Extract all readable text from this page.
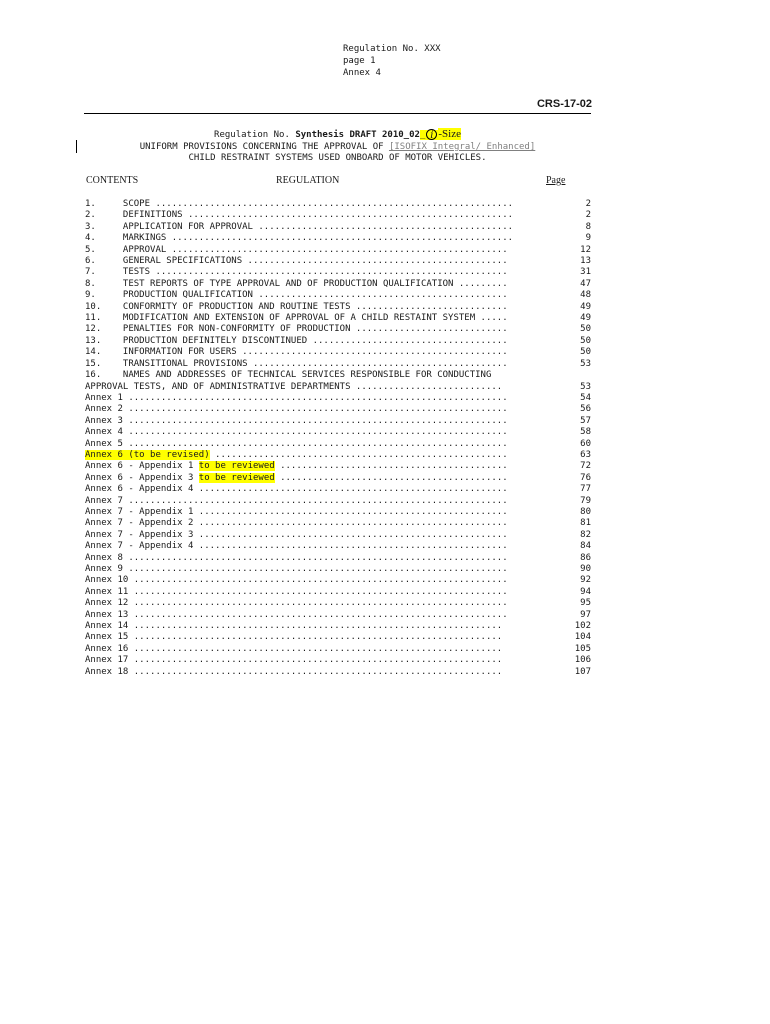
Regulation No. XXX
page 1
Annex 4
CRS-17-02
Regulation No. Synthesis DRAFT 2010_02_ i -Size
UNIFORM PROVISIONS CONCERNING THE APPROVAL OF [ISOFIX Integral/ Enhanced]
CHILD RESTRAINT SYSTEMS USED ONBOARD OF MOTOR VEHICLES.
CONTENTS	REGULATION	Page
1.     SCOPE ..................................................................	2
2.     DEFINITIONS ............................................................	2
3.     APPLICATION FOR APPROVAL ...............................................	8
4.     MARKINGS ...............................................................	9
5.     APPROVAL ..............................................................	12
6.     GENERAL SPECIFICATIONS ................................................	13
7.     TESTS .................................................................	31
8.     TEST REPORTS OF TYPE APPROVAL AND OF PRODUCTION QUALIFICATION .........	47
9.     PRODUCTION QUALIFICATION ..............................................	48
10.    CONFORMITY OF PRODUCTION AND ROUTINE TESTS ............................	49
11.    MODIFICATION AND EXTENSION OF APPROVAL OF A CHILD RESTAINT SYSTEM .....	49
12.    PENALTIES FOR NON-CONFORMITY OF PRODUCTION ............................	50
13.    PRODUCTION DEFINITELY DISCONTINUED ....................................	50
14.    INFORMATION FOR USERS .................................................	50
15.    TRANSITIONAL PROVISIONS ...............................................	53
16.    NAMES AND ADDRESSES OF TECHNICAL SERVICES RESPONSIBLE FOR CONDUCTING
APPROVAL TESTS, AND OF ADMINISTRATIVE DEPARTMENTS ...........................	53
Annex 1 ......................................................................	54
Annex 2 ......................................................................	56
Annex 3 ......................................................................	57
Annex 4 ......................................................................	58
Annex 5 ......................................................................	60
Annex 6 (to be revised) ......................................................	63
Annex 6 - Appendix 1 to be reviewed ..........................................	72
Annex 6 - Appendix 3 to be reviewed ..........................................	76
Annex 6 - Appendix 4 .........................................................	77
Annex 7 ......................................................................	79
Annex 7 - Appendix 1 .........................................................	80
Annex 7 - Appendix 2 .........................................................	81
Annex 7 - Appendix 3 .........................................................	82
Annex 7 - Appendix 4 .........................................................	84
Annex 8 ......................................................................	86
Annex 9 ......................................................................	90
Annex 10 .....................................................................	92
Annex 11 .....................................................................	94
Annex 12 .....................................................................	95
Annex 13 .....................................................................	97
Annex 14 ....................................................................	102
Annex 15 ....................................................................	104
Annex 16 ....................................................................	105
Annex 17 ....................................................................	106
Annex 18 ....................................................................	107
